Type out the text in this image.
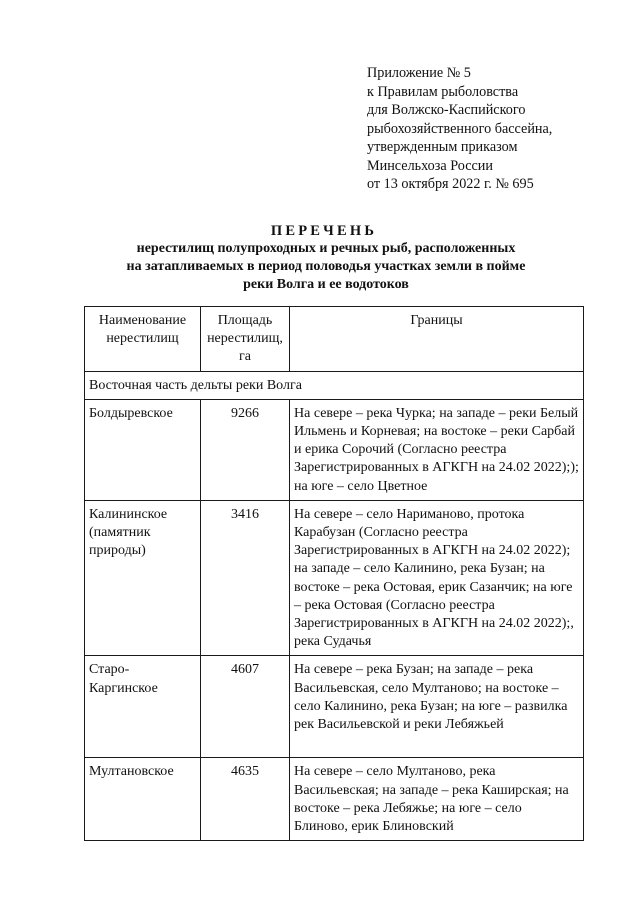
Приложение № 5
к Правилам рыболовства
для Волжско-Каспийского
рыбохозяйственного бассейна,
утвержденным приказом
Минсельхоза России
от 13 октября 2022 г. № 695
ПЕРЕЧЕНЬ
нерестилищ полупроходных и речных рыб, расположенных
на затапливаемых в период половодья участках земли в пойме
реки Волга и ее водотоков
Наименование нерестилищ	Площадь нерестилищ, га	Границы
Восточная часть дельты реки Волга		
Болдыревское	9266	На севере – река Чурка; на западе – реки Белый Ильмень и Корневая; на востоке – реки Сарбай и ерика Сорочий (Согласно реестра Зарегистрированных в АГКГН на 24.02 2022);); на юге – село Цветное
Калининское (памятник природы)	3416	На севере – село Нариманово, протока Карабузан (Согласно реестра Зарегистрированных в АГКГН на 24.02 2022); на западе – село Калинино, река Бузан; на востоке – река Остовая, ерик Сазанчик; на юге – река Остовая (Согласно реестра Зарегистрированных в АГКГН на 24.02 2022);, река Судачья
Старо-Каргинское	4607	На севере – река Бузан; на западе – река Васильевская, село Мултаново; на востоке – село Калинино, река Бузан; на юге – развилка рек Васильевской и реки Лебяжьей
Мултановское	4635	На севере – село Мултаново, река Васильевская; на западе – река Каширская; на востоке – река Лебяжье; на юге – село Блиново, ерик Блиновский
